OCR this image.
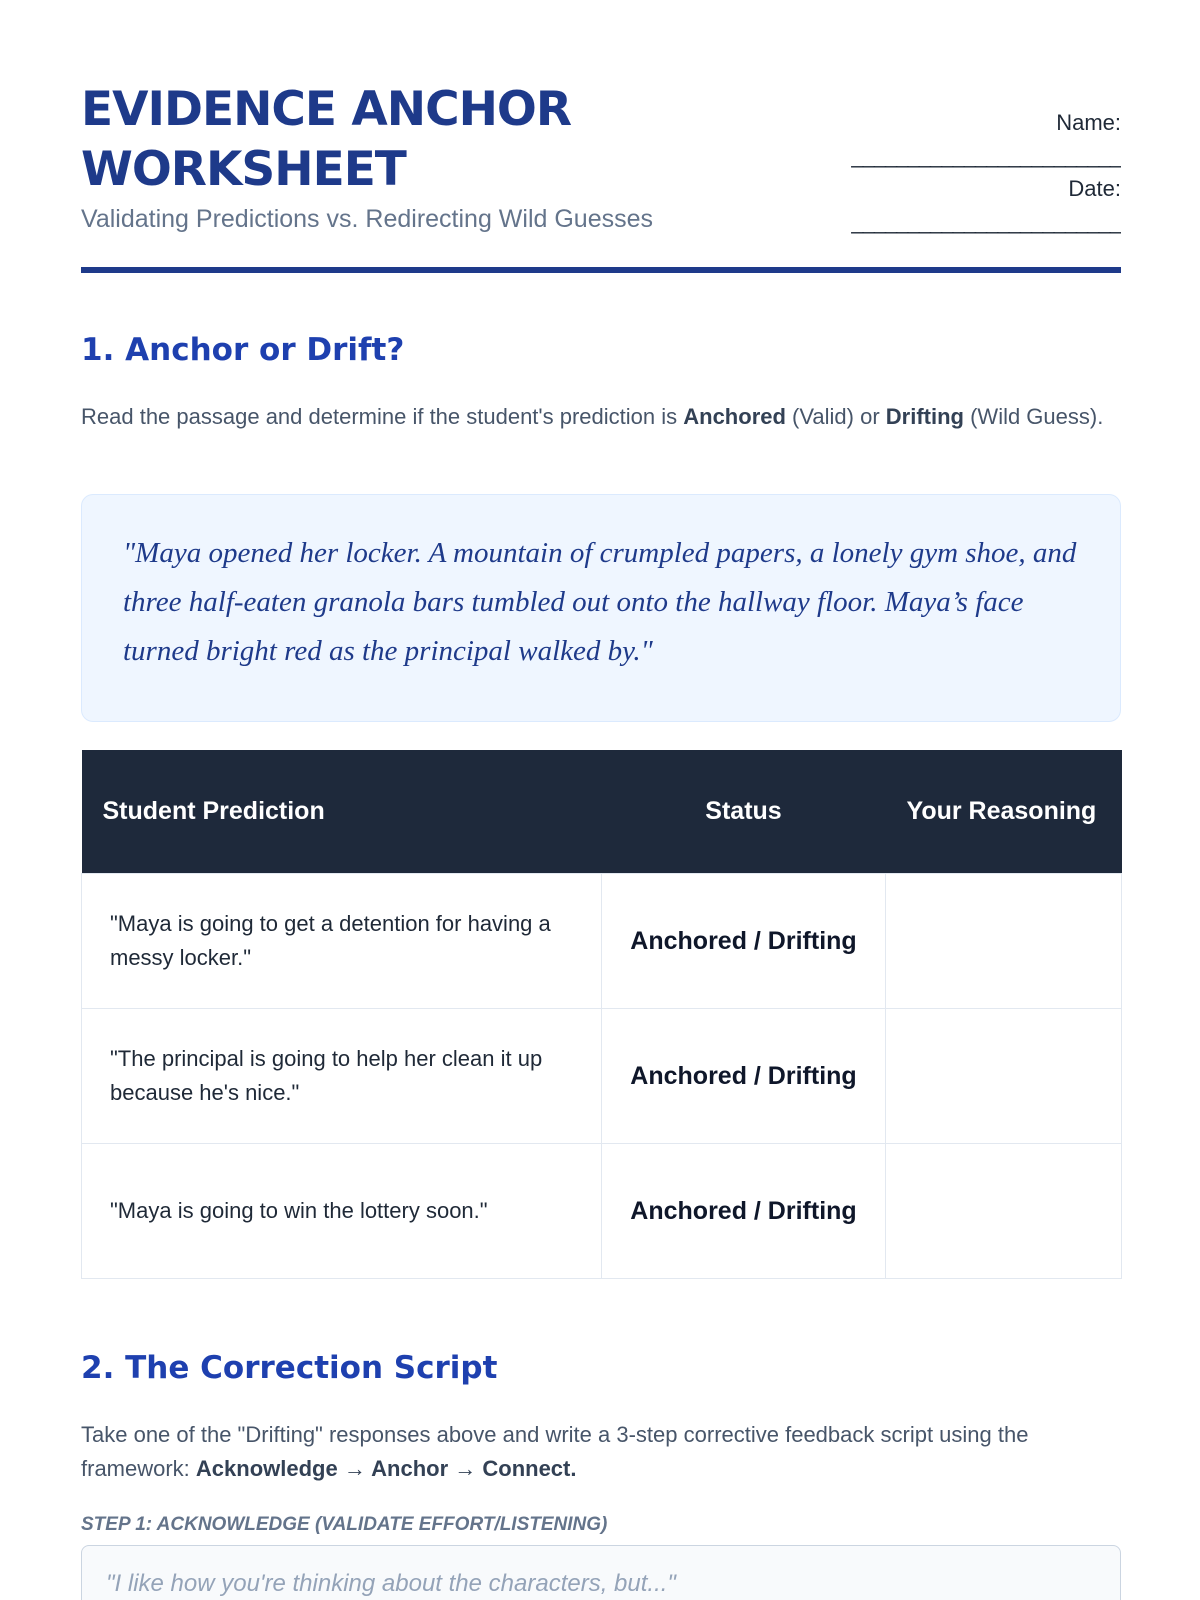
EVIDENCE ANCHOR WORKSHEET
Validating Predictions vs. Redirecting Wild Guesses
Name:
________________________
Date:
________________________
1. Anchor or Drift?
Read the passage and determine if the student's prediction is Anchored (Valid) or Drifting (Wild Guess).
"Maya opened her locker. A mountain of crumpled papers, a lonely gym shoe, and three half-eaten granola bars tumbled out onto the hallway floor. Maya’s face turned bright red as the principal walked by."
Student Prediction	Status	Your Reasoning
"Maya is going to get a detention for having a messy locker."	Anchored / Drifting	
"The principal is going to help her clean it up because he's nice."	Anchored / Drifting	
"Maya is going to win the lottery soon."	Anchored / Drifting	
2. The Correction Script
Take one of the "Drifting" responses above and write a 3-step corrective feedback script using the framework: Acknowledge → Anchor → Connect.
STEP 1: ACKNOWLEDGE (VALIDATE EFFORT/LISTENING)
"I like how you're thinking about the characters, but..."
